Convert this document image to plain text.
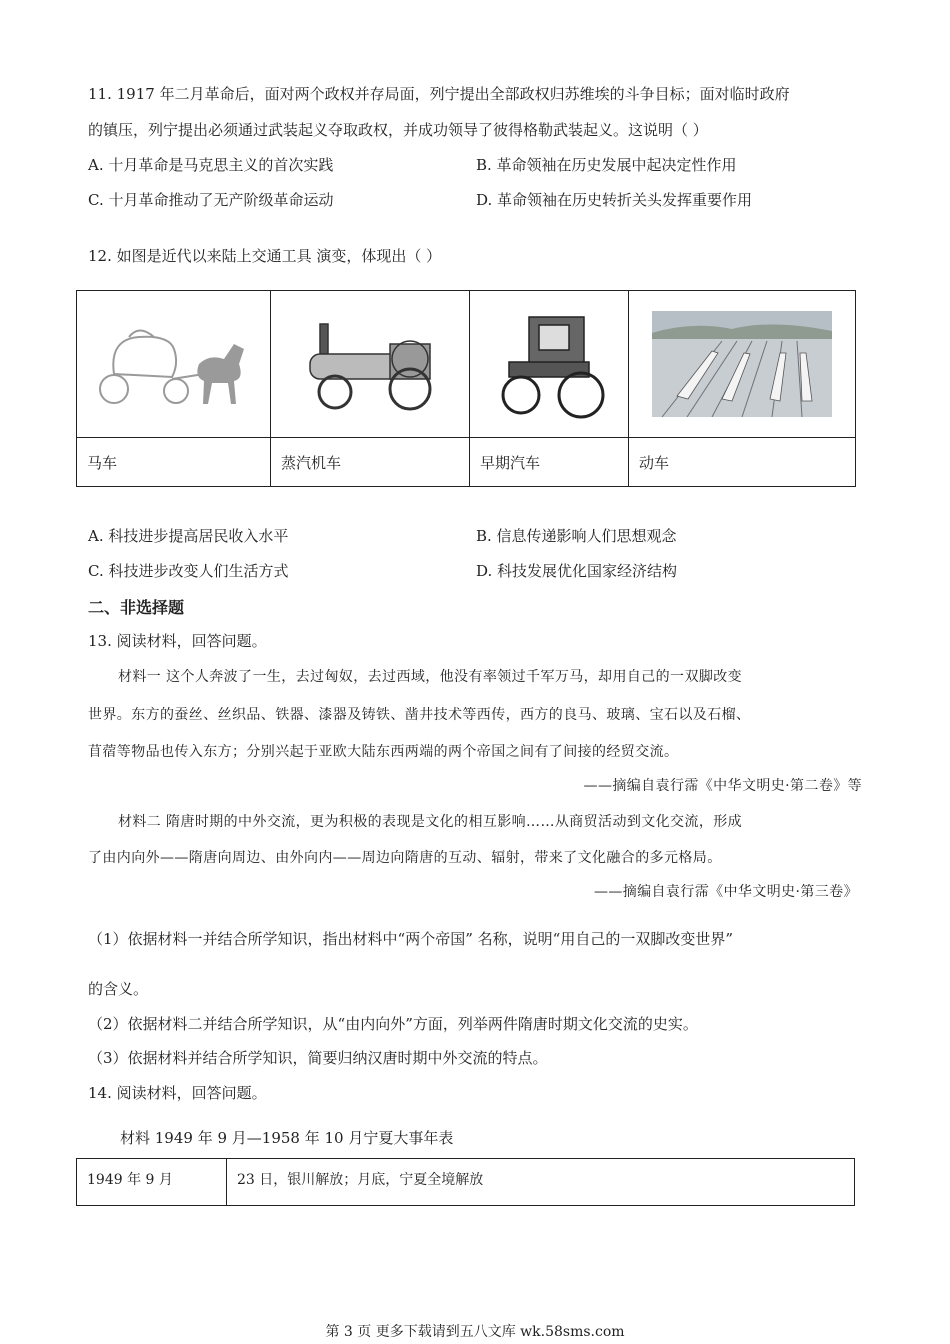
11. 1917 年二月革命后，面对两个政权并存局面，列宁提出全部政权归苏维埃的斗争目标；面对临时政府
的镇压，列宁提出必须通过武装起义夺取政权，并成功领导了彼得格勒武装起义。这说明（ ）
A. 十月革命是马克思主义的首次实践	B. 革命领袖在历史发展中起决定性作用
C. 十月革命推动了无产阶级革命运动	D. 革命领袖在历史转折关头发挥重要作用
12. 如图是近代以来陆上交通工具 演变，体现出（ ）

马车	蒸汽机车	早期汽车	动车
A. 科技进步提高居民收入水平	B. 信息传递影响人们思想观念
C. 科技进步改变人们生活方式	D. 科技发展优化国家经济结构
二、非选择题
13. 阅读材料，回答问题。
材料一 这个人奔波了一生，去过匈奴，去过西域，他没有率领过千军万马，却用自己的一双脚改变
世界。东方的蚕丝、丝织品、铁器、漆器及铸铁、凿井技术等西传，西方的良马、玻璃、宝石以及石榴、
苜蓿等物品也传入东方；分别兴起于亚欧大陆东西两端的两个帝国之间有了间接的经贸交流。
——摘编自袁行霈《中华文明史·第二卷》等
材料二 隋唐时期的中外交流，更为积极的表现是文化的相互影响……从商贸活动到文化交流，形成
了由内向外——隋唐向周边、由外向内——周边向隋唐的互动、辐射，带来了文化融合的多元格局。
——摘编自袁行霈《中华文明史·第三卷》
（1）依据材料一并结合所学知识，指出材料中“两个帝国” 名称，说明“用自己的一双脚改变世界”
的含义。
（2）依据材料二并结合所学知识，从“由内向外”方面，列举两件隋唐时期文化交流的史实。
（3）依据材料并结合所学知识，简要归纳汉唐时期中外交流的特点。
14. 阅读材料，回答问题。
材料 1949 年 9 月—1958 年 10 月宁夏大事年表
1949 年 9 月	23 日，银川解放；月底，宁夏全境解放
第 3 页 更多下载请到五八文库 wk.58sms.com
